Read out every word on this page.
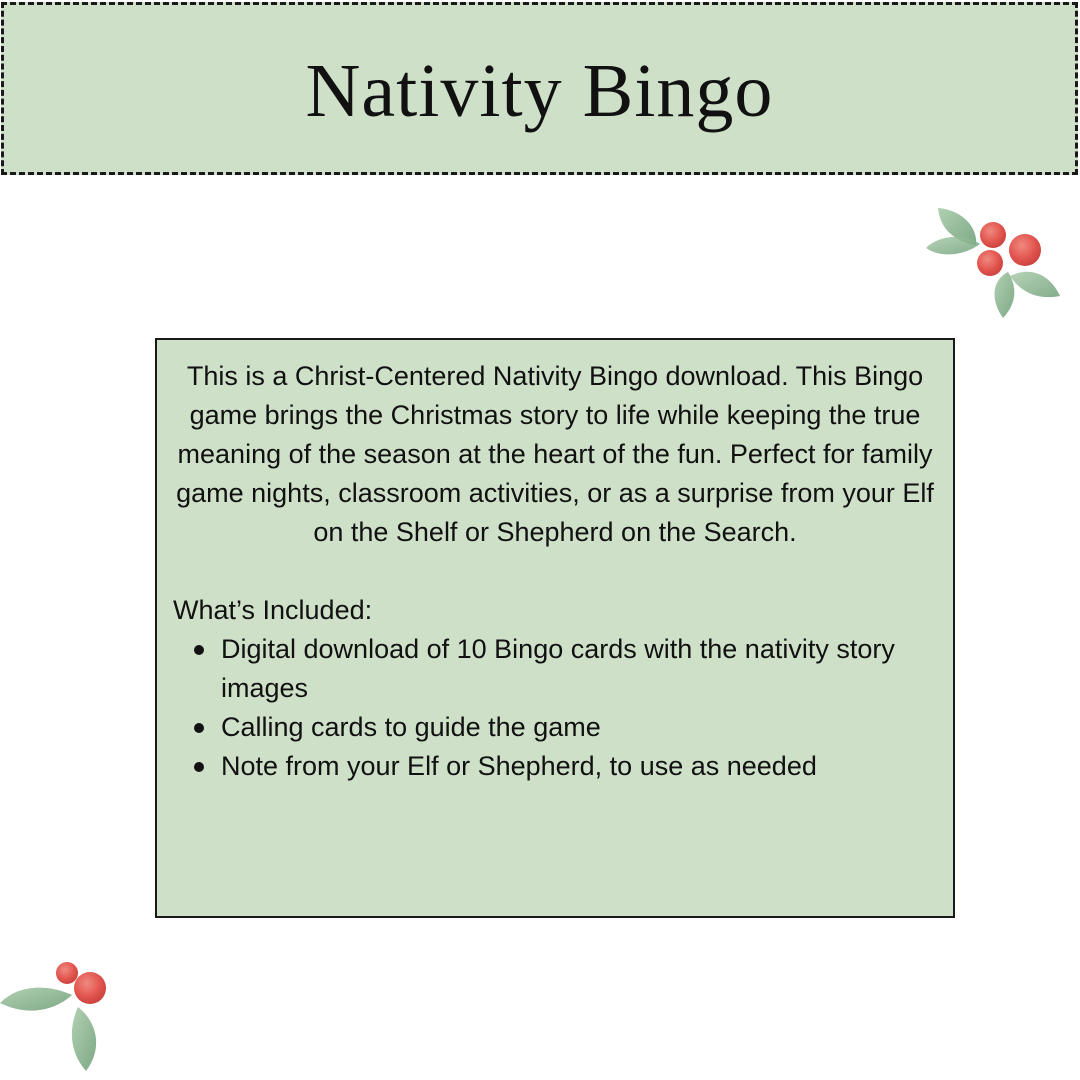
Nativity Bingo

This is a Christ-Centered Nativity Bingo download. This Bingo game brings the Christmas story to life while keeping the true meaning of the season at the heart of the fun. Perfect for family game nights, classroom activities, or as a surprise from your Elf on the Shelf or Shepherd on the Search.

What’s Included:

Digital download of 10 Bingo cards with the nativity story images
Calling cards to guide the game
Note from your Elf or Shepherd, to use as needed
